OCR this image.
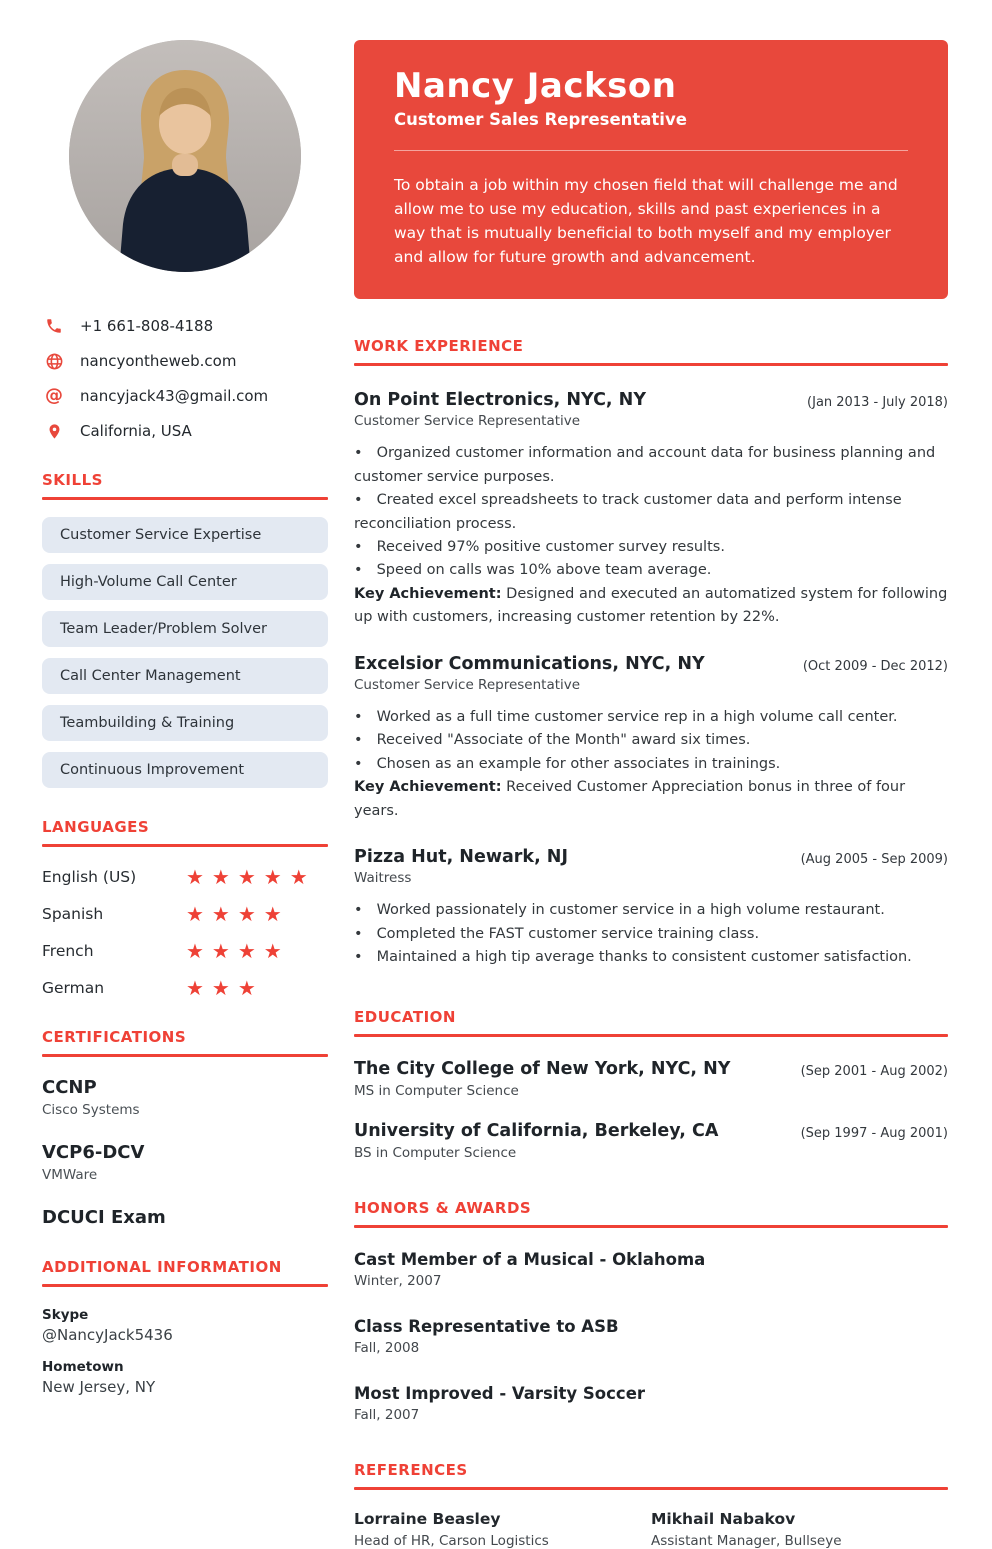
+1 661-808-4188
nancyontheweb.com
@ nancyjack43@gmail.com
California, USA
SKILLS
Customer Service Expertise
High-Volume Call Center
Team Leader/Problem Solver
Call Center Management
Teambuilding & Training
Continuous Improvement
LANGUAGES
English (US)	★★★★★
Spanish	★★★★
French	★★★★
German	★★★
CERTIFICATIONS
CCNP
Cisco Systems
VCP6-DCV
VMWare
DCUCI Exam
ADDITIONAL INFORMATION
Skype
@NancyJack5436
Hometown
New Jersey, NY
Nancy Jackson
Customer Sales Representative
To obtain a job within my chosen field that will challenge me and allow me to use my education, skills and past experiences in a way that is mutually beneficial to both myself and my employer and allow for future growth and advancement.
WORK EXPERIENCE
On Point Electronics, NYC, NY	(Jan 2013 - July 2018)
Customer Service Representative

• Organized customer information and account data for business planning and customer service purposes.

• Created excel spreadsheets to track customer data and perform intense reconciliation process.

• Received 97% positive customer survey results.

• Speed on calls was 10% above team average.

Key Achievement: Designed and executed an automatized system for following up with customers, increasing customer retention by 22%.

Excelsior Communications, NYC, NY	(Oct 2009 - Dec 2012)
Customer Service Representative

• Worked as a full time customer service rep in a high volume call center.

• Received "Associate of the Month" award six times.

• Chosen as an example for other associates in trainings.

Key Achievement: Received Customer Appreciation bonus in three of four years.

Pizza Hut, Newark, NJ	(Aug 2005 - Sep 2009)
Waitress

• Worked passionately in customer service in a high volume restaurant.

• Completed the FAST customer service training class.

• Maintained a high tip average thanks to consistent customer satisfaction.

EDUCATION
The City College of New York, NYC, NY	(Sep 2001 - Aug 2002)
MS in Computer Science
University of California, Berkeley, CA	(Sep 1997 - Aug 2001)
BS in Computer Science
HONORS & AWARDS
Cast Member of a Musical - Oklahoma
Winter, 2007
Class Representative to ASB
Fall, 2008
Most Improved - Varsity Soccer
Fall, 2007
REFERENCES
Lorraine Beasley
Head of HR, Carson Logistics
Mikhail Nabakov
Assistant Manager, Bullseye
